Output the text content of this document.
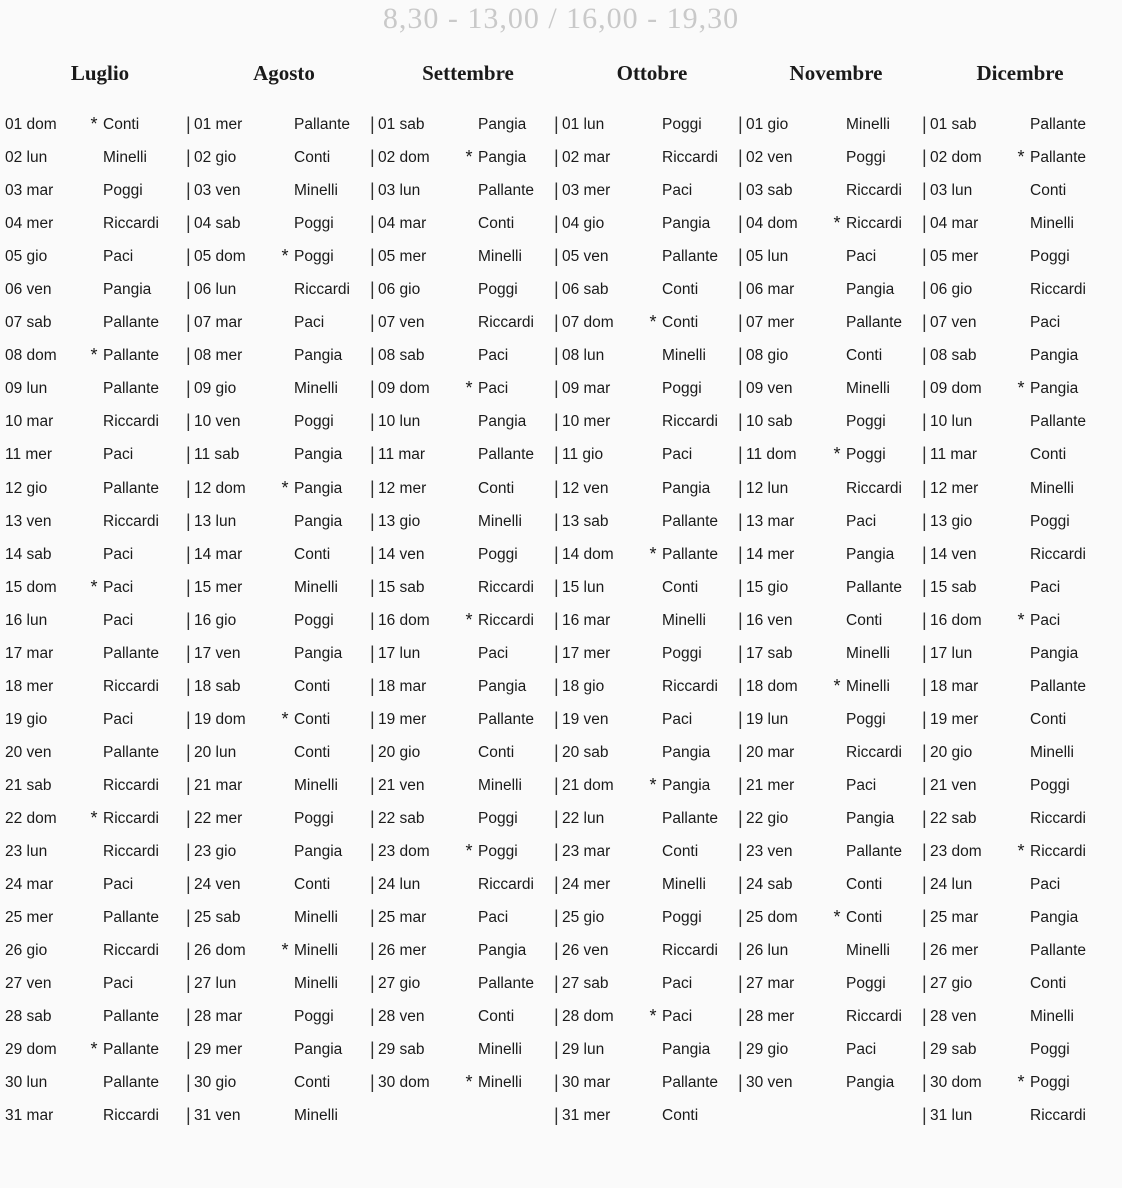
8,30 - 13,00 / 16,00 - 19,30
Luglio
01 dom	* Conti
02 lun	Minelli
03 mar	Poggi
04 mer	Riccardi
05 gio	Paci
06 ven	Pangia
07 sab	Pallante
08 dom	* Pallante
09 lun	Pallante
10 mar	Riccardi
11 mer	Paci
12 gio	Pallante
13 ven	Riccardi
14 sab	Paci
15 dom	* Paci
16 lun	Paci
17 mar	Pallante
18 mer	Riccardi
19 gio	Paci
20 ven	Pallante
21 sab	Riccardi
22 dom	* Riccardi
23 lun	Riccardi
24 mar	Paci
25 mer	Pallante
26 gio	Riccardi
27 ven	Paci
28 sab	Pallante
29 dom	* Pallante
30 lun	Pallante
31 mar	Riccardi
Agosto
| 01 mer	Pallante
| 02 gio	Conti
| 03 ven	Minelli
| 04 sab	Poggi
| 05 dom	* Poggi
| 06 lun	Riccardi
| 07 mar	Paci
| 08 mer	Pangia
| 09 gio	Minelli
| 10 ven	Poggi
| 11 sab	Pangia
| 12 dom	* Pangia
| 13 lun	Pangia
| 14 mar	Conti
| 15 mer	Minelli
| 16 gio	Poggi
| 17 ven	Pangia
| 18 sab	Conti
| 19 dom	* Conti
| 20 lun	Conti
| 21 mar	Minelli
| 22 mer	Poggi
| 23 gio	Pangia
| 24 ven	Conti
| 25 sab	Minelli
| 26 dom	* Minelli
| 27 lun	Minelli
| 28 mar	Poggi
| 29 mer	Pangia
| 30 gio	Conti
| 31 ven	Minelli
Settembre
| 01 sab	Pangia
| 02 dom	* Pangia
| 03 lun	Pallante
| 04 mar	Conti
| 05 mer	Minelli
| 06 gio	Poggi
| 07 ven	Riccardi
| 08 sab	Paci
| 09 dom	* Paci
| 10 lun	Pangia
| 11 mar	Pallante
| 12 mer	Conti
| 13 gio	Minelli
| 14 ven	Poggi
| 15 sab	Riccardi
| 16 dom	* Riccardi
| 17 lun	Paci
| 18 mar	Pangia
| 19 mer	Pallante
| 20 gio	Conti
| 21 ven	Minelli
| 22 sab	Poggi
| 23 dom	* Poggi
| 24 lun	Riccardi
| 25 mar	Paci
| 26 mer	Pangia
| 27 gio	Pallante
| 28 ven	Conti
| 29 sab	Minelli
| 30 dom	* Minelli
Ottobre
| 01 lun	Poggi
| 02 mar	Riccardi
| 03 mer	Paci
| 04 gio	Pangia
| 05 ven	Pallante
| 06 sab	Conti
| 07 dom	* Conti
| 08 lun	Minelli
| 09 mar	Poggi
| 10 mer	Riccardi
| 11 gio	Paci
| 12 ven	Pangia
| 13 sab	Pallante
| 14 dom	* Pallante
| 15 lun	Conti
| 16 mar	Minelli
| 17 mer	Poggi
| 18 gio	Riccardi
| 19 ven	Paci
| 20 sab	Pangia
| 21 dom	* Pangia
| 22 lun	Pallante
| 23 mar	Conti
| 24 mer	Minelli
| 25 gio	Poggi
| 26 ven	Riccardi
| 27 sab	Paci
| 28 dom	* Paci
| 29 lun	Pangia
| 30 mar	Pallante
| 31 mer	Conti
Novembre
| 01 gio	Minelli
| 02 ven	Poggi
| 03 sab	Riccardi
| 04 dom	* Riccardi
| 05 lun	Paci
| 06 mar	Pangia
| 07 mer	Pallante
| 08 gio	Conti
| 09 ven	Minelli
| 10 sab	Poggi
| 11 dom	* Poggi
| 12 lun	Riccardi
| 13 mar	Paci
| 14 mer	Pangia
| 15 gio	Pallante
| 16 ven	Conti
| 17 sab	Minelli
| 18 dom	* Minelli
| 19 lun	Poggi
| 20 mar	Riccardi
| 21 mer	Paci
| 22 gio	Pangia
| 23 ven	Pallante
| 24 sab	Conti
| 25 dom	* Conti
| 26 lun	Minelli
| 27 mar	Poggi
| 28 mer	Riccardi
| 29 gio	Paci
| 30 ven	Pangia
Dicembre
| 01 sab	Pallante
| 02 dom	* Pallante
| 03 lun	Conti
| 04 mar	Minelli
| 05 mer	Poggi
| 06 gio	Riccardi
| 07 ven	Paci
| 08 sab	Pangia
| 09 dom	* Pangia
| 10 lun	Pallante
| 11 mar	Conti
| 12 mer	Minelli
| 13 gio	Poggi
| 14 ven	Riccardi
| 15 sab	Paci
| 16 dom	* Paci
| 17 lun	Pangia
| 18 mar	Pallante
| 19 mer	Conti
| 20 gio	Minelli
| 21 ven	Poggi
| 22 sab	Riccardi
| 23 dom	* Riccardi
| 24 lun	Paci
| 25 mar	Pangia
| 26 mer	Pallante
| 27 gio	Conti
| 28 ven	Minelli
| 29 sab	Poggi
| 30 dom	* Poggi
| 31 lun	Riccardi
